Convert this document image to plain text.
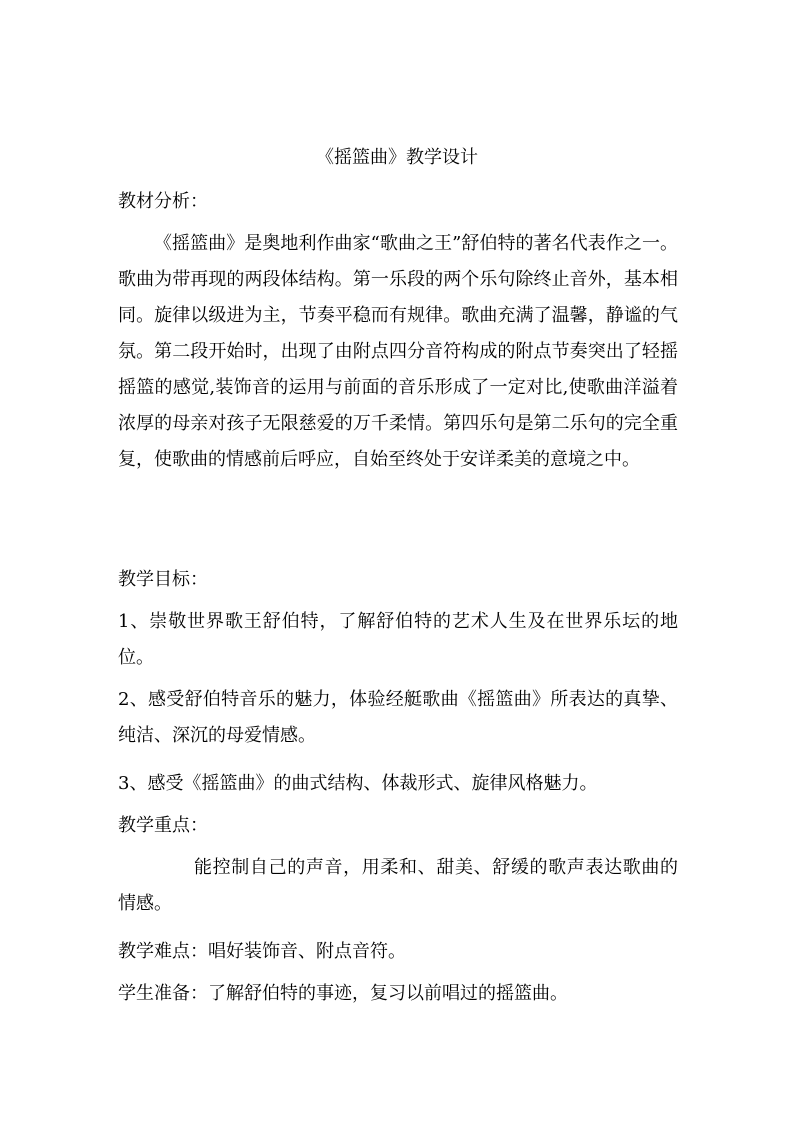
《摇篮曲》教学设计

教材分析：

《摇篮曲》是奥地利作曲家“歌曲之王”舒伯特的著名代表作之一。歌曲为带再现的两段体结构。第一乐段的两个乐句除终止音外，基本相同。旋律以级进为主，节奏平稳而有规律。歌曲充满了温馨，静谧的气氛。第二段开始时，出现了由附点四分音符构成的附点节奏突出了轻摇摇篮的感觉,装饰音的运用与前面的音乐形成了一定对比,使歌曲洋溢着浓厚的母亲对孩子无限慈爱的万千柔情。第四乐句是第二乐句的完全重复，使歌曲的情感前后呼应，自始至终处于安详柔美的意境之中。

教学目标：

1、崇敬世界歌王舒伯特，了解舒伯特的艺术人生及在世界乐坛的地位。

2、感受舒伯特音乐的魅力，体验经艇歌曲《摇篮曲》所表达的真挚、纯洁、深沉的母爱情感。

3、感受《摇篮曲》的曲式结构、体裁形式、旋律风格魅力。

教学重点：

能控制自己的声音，用柔和、甜美、舒缓的歌声表达歌曲的情感。

教学难点：唱好装饰音、附点音符。

学生准备：了解舒伯特的事迹，复习以前唱过的摇篮曲。
